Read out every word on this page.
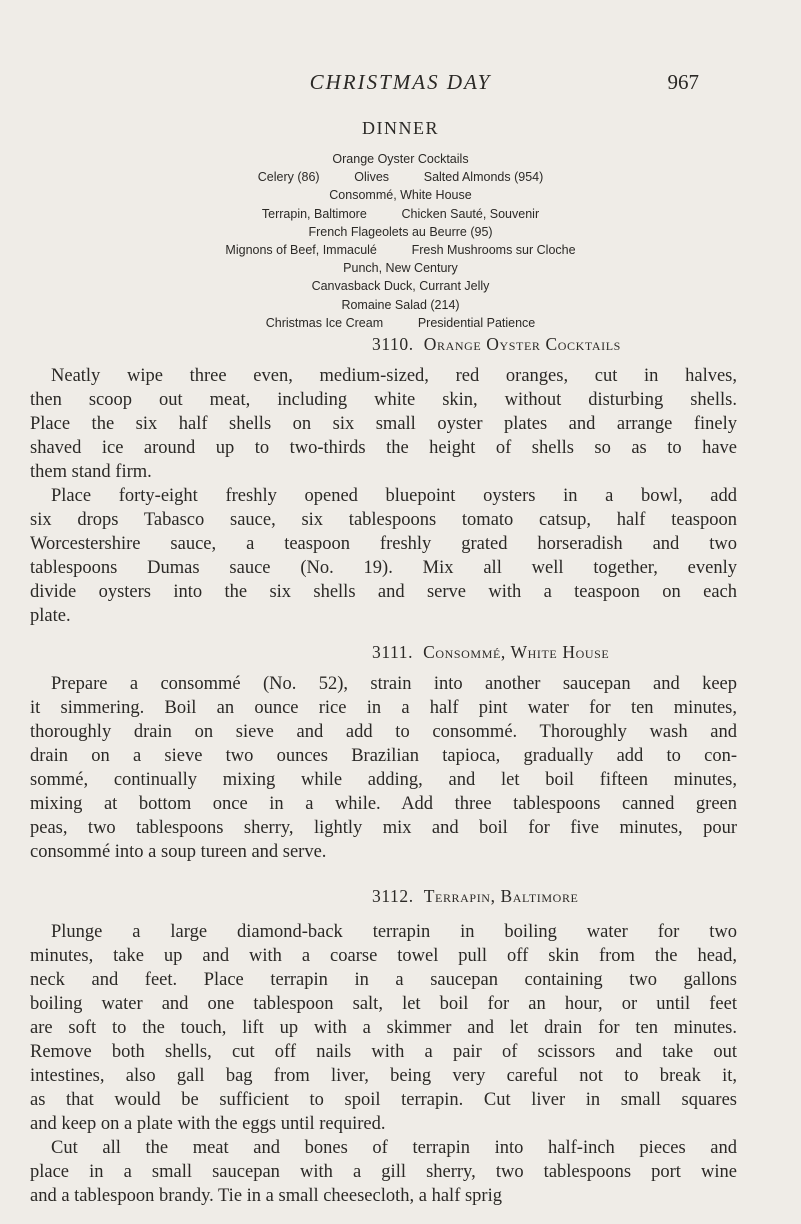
CHRISTMAS DAY	967
DINNER
Orange Oyster Cocktails
Celery (86)          Olives          Salted Almonds (954)
Consommé, White House
Terrapin, Baltimore          Chicken Sauté, Souvenir
French Flageolets au Beurre (95)
Mignons of Beef, Immaculé          Fresh Mushrooms sur Cloche
Punch, New Century
Canvasback Duck, Currant Jelly
Romaine Salad (214)
Christmas Ice Cream          Presidential Patience
3110. Orange Oyster Cocktails
Neatly wipe three even, medium-sized, red oranges, cut in halves,
then scoop out meat, including white skin, without disturbing shells.
Place the six half shells on six small oyster plates and arrange finely
shaved ice around up to two-thirds the height of shells so as to have
them stand firm.
Place forty-eight freshly opened bluepoint oysters in a bowl, add
six drops Tabasco sauce, six tablespoons tomato catsup, half teaspoon
Worcestershire sauce, a teaspoon freshly grated horseradish and two
tablespoons Dumas sauce (No. 19). Mix all well together, evenly
divide oysters into the six shells and serve with a teaspoon on each
plate.
3111. Consommé, White House
Prepare a consommé (No. 52), strain into another saucepan and keep
it simmering. Boil an ounce rice in a half pint water for ten minutes,
thoroughly drain on sieve and add to consommé. Thoroughly wash and
drain on a sieve two ounces Brazilian tapioca, gradually add to con-
sommé, continually mixing while adding, and let boil fifteen minutes,
mixing at bottom once in a while. Add three tablespoons canned green
peas, two tablespoons sherry, lightly mix and boil for five minutes, pour
consommé into a soup tureen and serve.
3112. Terrapin, Baltimore
Plunge a large diamond-back terrapin in boiling water for two
minutes, take up and with a coarse towel pull off skin from the head,
neck and feet. Place terrapin in a saucepan containing two gallons
boiling water and one tablespoon salt, let boil for an hour, or until feet
are soft to the touch, lift up with a skimmer and let drain for ten minutes.
Remove both shells, cut off nails with a pair of scissors and take out
intestines, also gall bag from liver, being very careful not to break it,
as that would be sufficient to spoil terrapin. Cut liver in small squares
and keep on a plate with the eggs until required.
Cut all the meat and bones of terrapin into half-inch pieces and
place in a small saucepan with a gill sherry, two tablespoons port wine
and a tablespoon brandy. Tie in a small cheesecloth, a half sprig
